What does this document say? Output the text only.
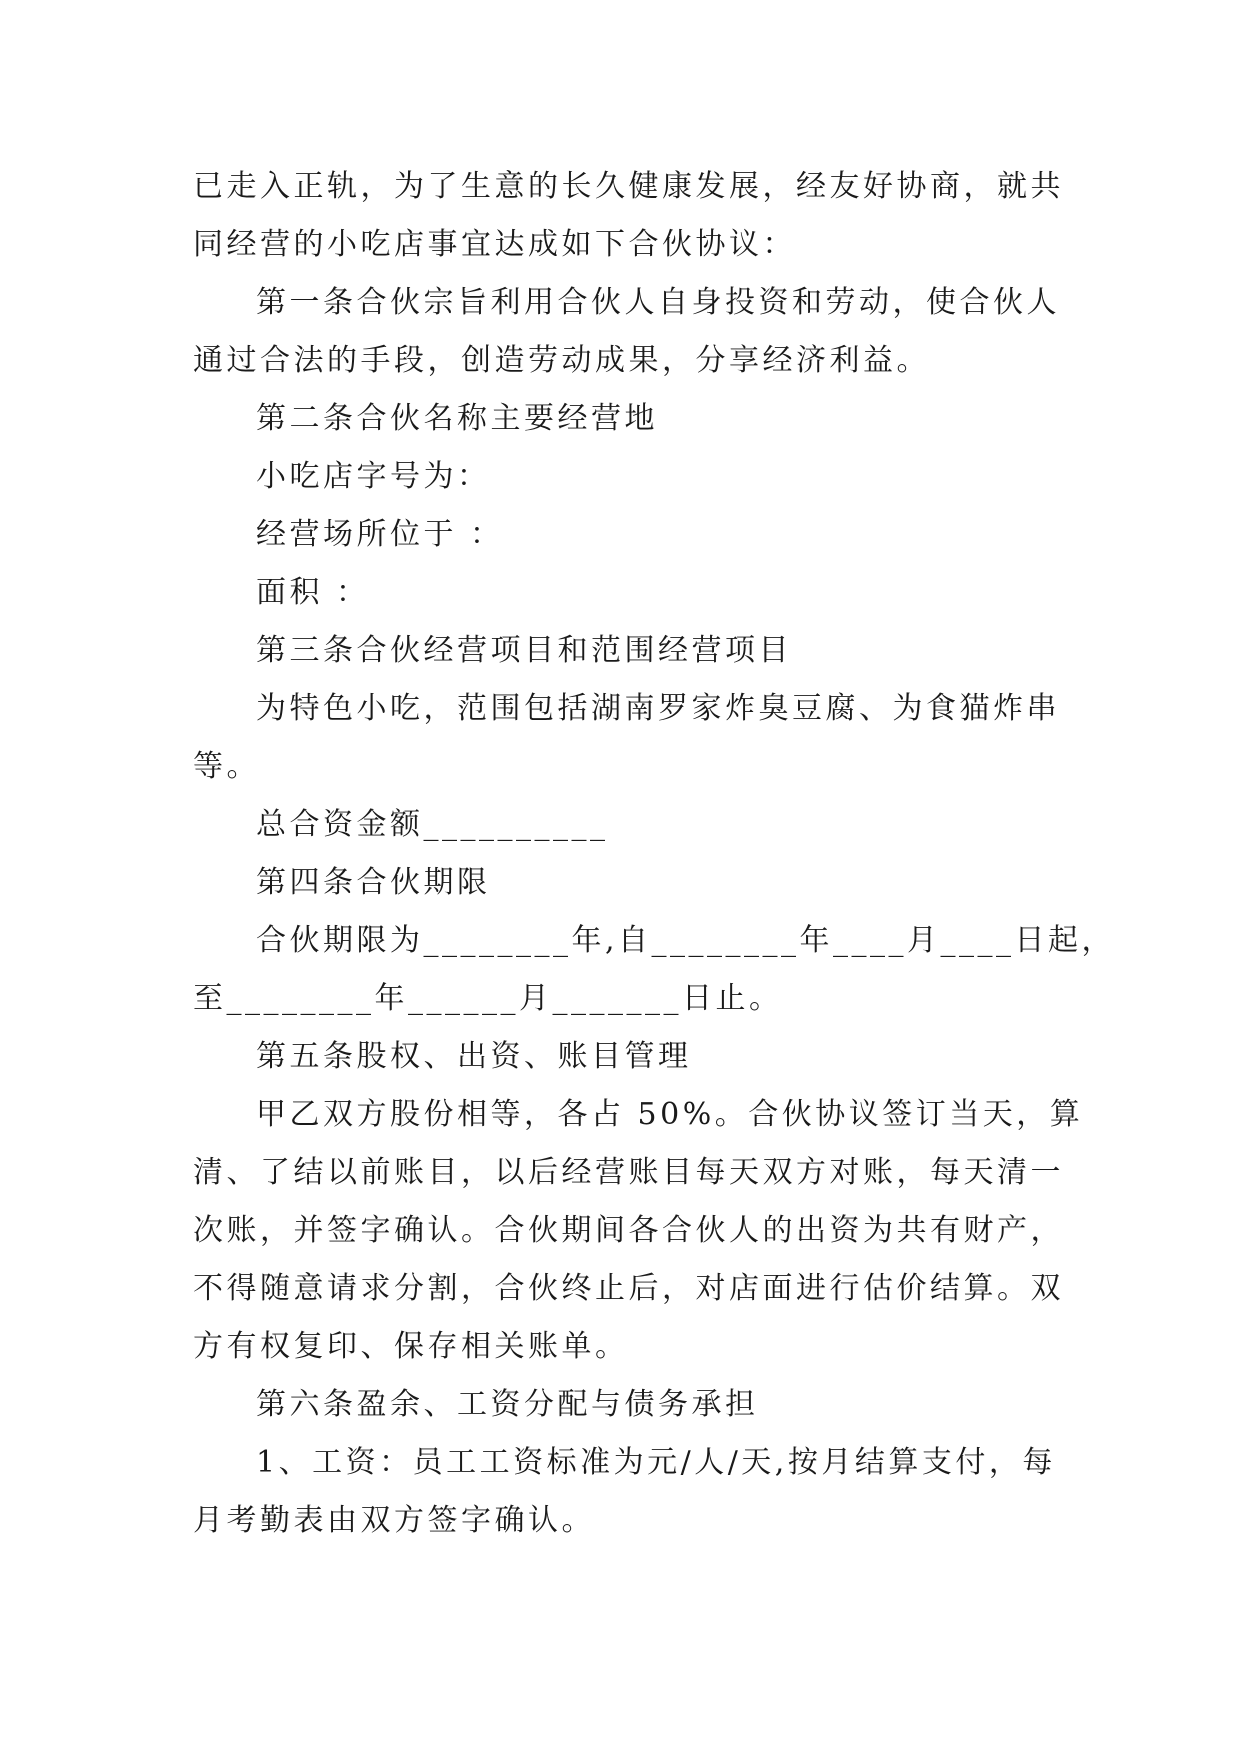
已走入正轨，为了生意的长久健康发展，经友好协商，就共
同经营的小吃店事宜达成如下合伙协议：
第一条合伙宗旨利用合伙人自身投资和劳动，使合伙人
通过合法的手段，创造劳动成果，分享经济利益。
第二条合伙名称主要经营地
小吃店字号为：
经营场所位于 ：
面积 ：
第三条合伙经营项目和范围经营项目
为特色小吃，范围包括湖南罗家炸臭豆腐、为食猫炸串
等。
总合资金额__________
第四条合伙期限
合伙期限为________年,自________年____月____日起，
至________年______月_______日止。
第五条股权、出资、账目管理
甲乙双方股份相等，各占 50%。合伙协议签订当天，算
清、了结以前账目，以后经营账目每天双方对账，每天清一
次账，并签字确认。合伙期间各合伙人的出资为共有财产，
不得随意请求分割，合伙终止后，对店面进行估价结算。双
方有权复印、保存相关账单。
第六条盈余、工资分配与债务承担
1、工资：员工工资标准为元/人/天,按月结算支付，每
月考勤表由双方签字确认。
